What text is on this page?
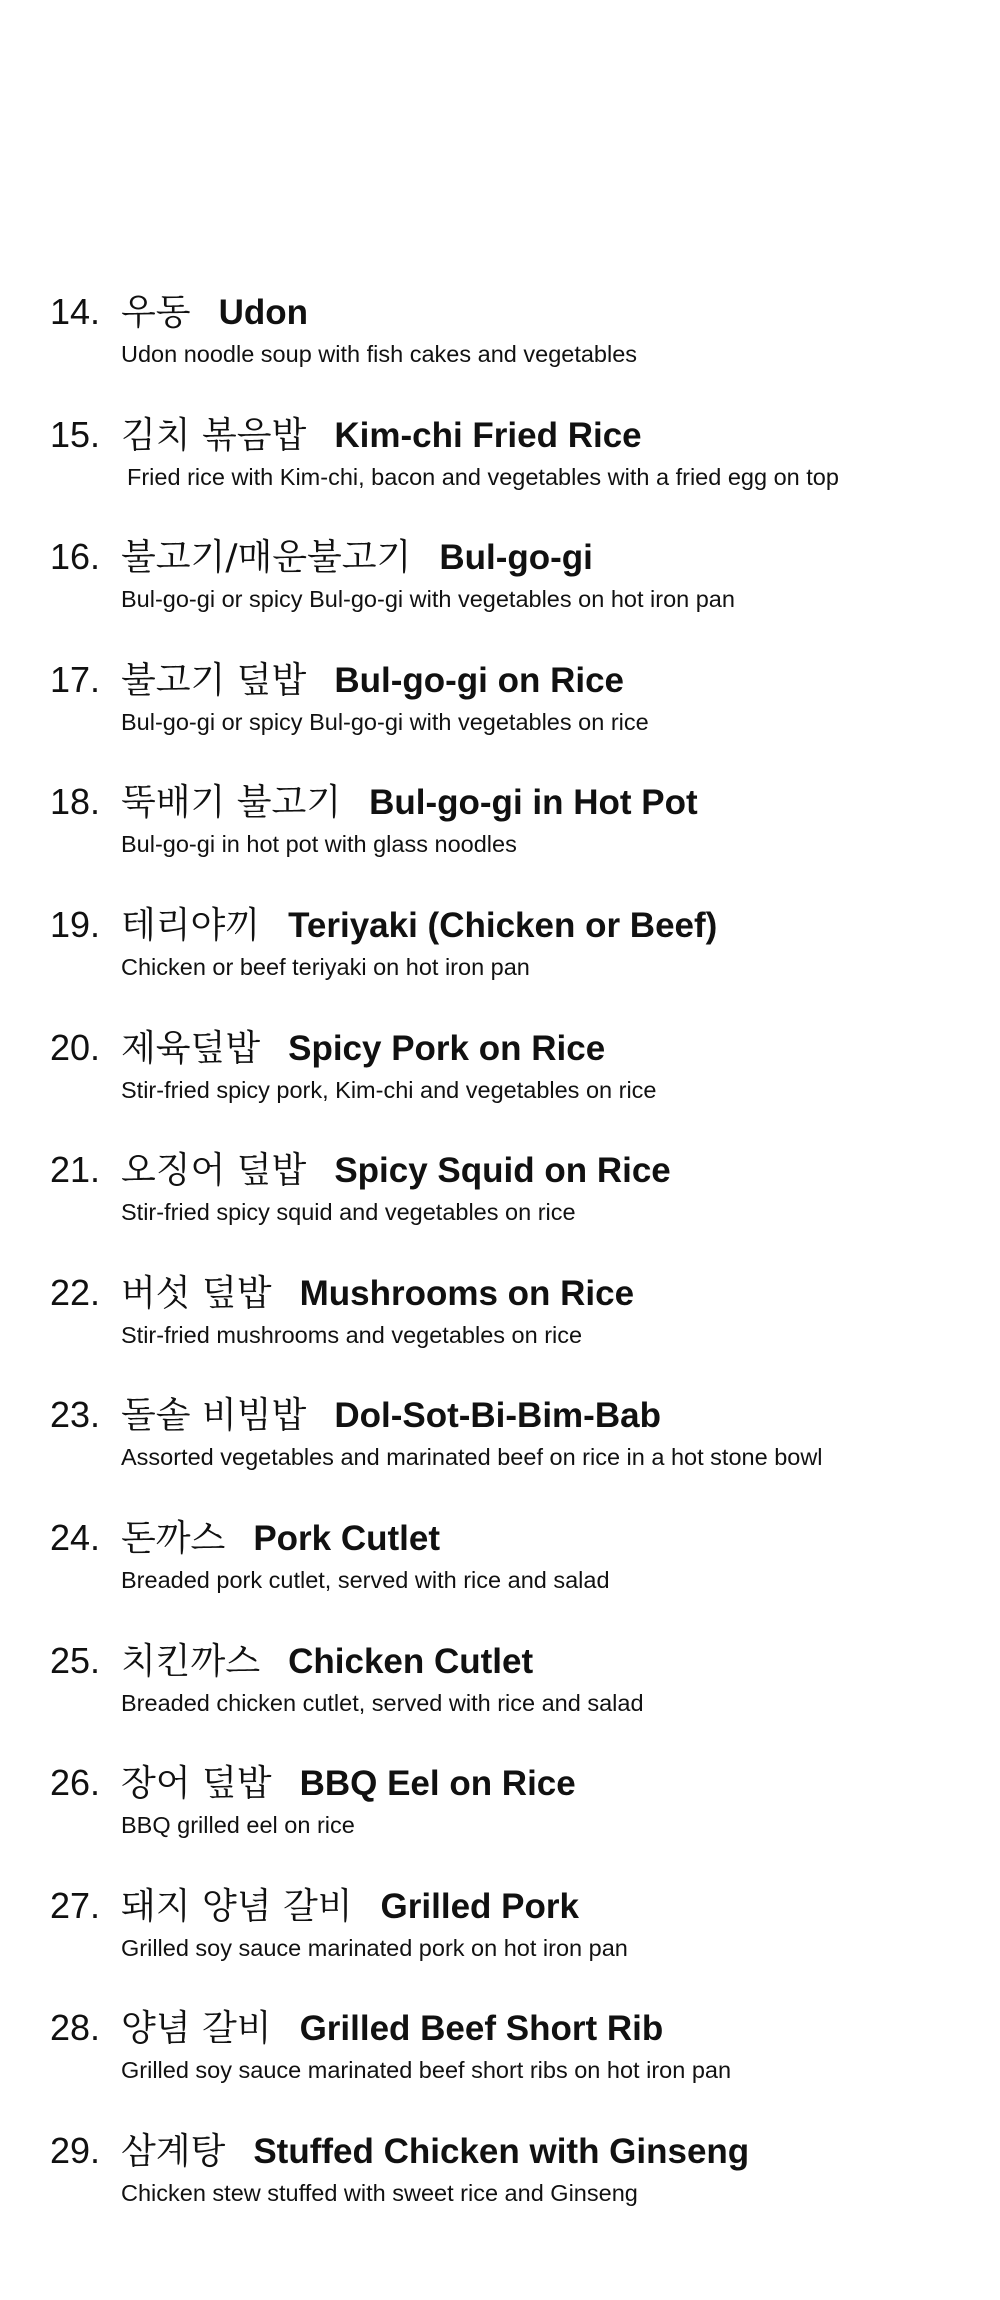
14. 우동 Udon
Udon noodle soup with fish cakes and vegetables
15. 김치 볶음밥 Kim-chi Fried Rice
Fried rice with Kim-chi, bacon and vegetables with a fried egg on top
16. 불고기/매운불고기 Bul-go-gi
Bul-go-gi or spicy Bul-go-gi with vegetables on hot iron pan
17. 불고기 덮밥 Bul-go-gi on Rice
Bul-go-gi or spicy Bul-go-gi with vegetables on rice
18. 뚝배기 불고기 Bul-go-gi in Hot Pot
Bul-go-gi in hot pot with glass noodles
19. 테리야끼 Teriyaki (Chicken or Beef)
Chicken or beef teriyaki on hot iron pan
20. 제육덮밥 Spicy Pork on Rice
Stir-fried spicy pork, Kim-chi and vegetables on rice
21. 오징어 덮밥 Spicy Squid on Rice
Stir-fried spicy squid and vegetables on rice
22. 버섯 덮밥 Mushrooms on Rice
Stir-fried mushrooms and vegetables on rice
23. 돌솥 비빔밥 Dol-Sot-Bi-Bim-Bab
Assorted vegetables and marinated beef on rice in a hot stone bowl
24. 돈까스 Pork Cutlet
Breaded pork cutlet, served with rice and salad
25. 치킨까스 Chicken Cutlet
Breaded chicken cutlet, served with rice and salad
26. 장어 덮밥 BBQ Eel on Rice
BBQ grilled eel on rice
27. 돼지 양념 갈비 Grilled Pork
Grilled soy sauce marinated pork on hot iron pan
28. 양념 갈비 Grilled Beef Short Rib
Grilled soy sauce marinated beef short ribs on hot iron pan
29. 삼계탕 Stuffed Chicken with Ginseng
Chicken stew stuffed with sweet rice and Ginseng
